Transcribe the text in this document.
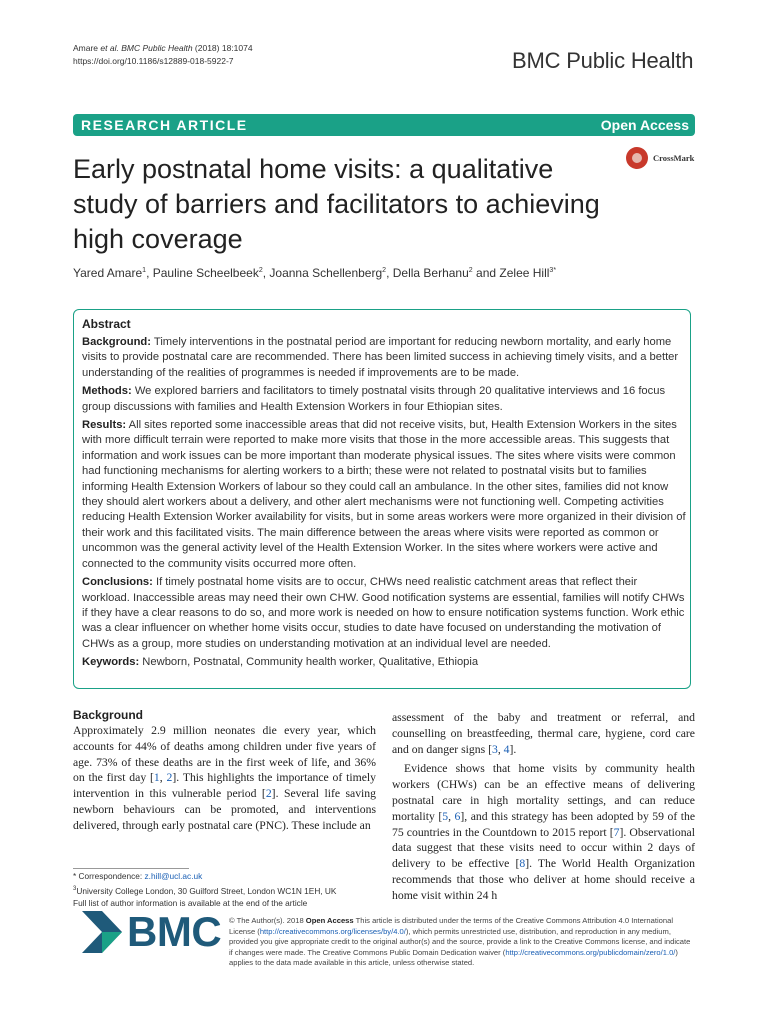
Amare et al. BMC Public Health (2018) 18:1074
https://doi.org/10.1186/s12889-018-5922-7	BMC Public Health
RESEARCH ARTICLE	Open Access
Early postnatal home visits: a qualitative study of barriers and facilitators to achieving high coverage
CrossMark
Yared Amare$^1$, Pauline Scheelbeek$^2$, Joanna Schellenberg$^2$, Della Berhanu$^2$ and Zelee Hill$^{3*}$
Abstract

Background: Timely interventions in the postnatal period are important for reducing newborn mortality, and early home visits to provide postnatal care are recommended. There has been limited success in achieving timely visits, and a better understanding of the realities of programmes is needed if improvements are to be made.

Methods: We explored barriers and facilitators to timely postnatal visits through 20 qualitative interviews and 16 focus group discussions with families and Health Extension Workers in four Ethiopian sites.

Results: All sites reported some inaccessible areas that did not receive visits, but, Health Extension Workers in the sites with more difficult terrain were reported to make more visits that those in the more accessible areas. This suggests that information and work issues can be more important than moderate physical issues. The sites where visits were common had functioning mechanisms for alerting workers to a birth; these were not related to postnatal visits but to families informing Health Extension Workers of labour so they could call an ambulance. In the other sites, families did not know they should alert workers about a delivery, and other alert mechanisms were not functioning well. Competing activities reducing Health Extension Worker availability for visits, but in some areas workers were more organized in their division of their work and this facilitated visits. The main difference between the areas where visits were reported as common or uncommon was the general activity level of the Health Extension Worker. In the sites where workers were active and connected to the community visits occurred more often.

Conclusions: If timely postnatal home visits are to occur, CHWs need realistic catchment areas that reflect their workload. Inaccessible areas may need their own CHW. Good notification systems are essential, families will notify CHWs if they have a clear reasons to do so, and more work is needed on how to ensure notification systems function. Work ethic was a clear influencer on whether home visits occur, studies to date have focused on understanding the motivation of CHWs as a group, more studies on understanding motivation at an individual level are needed.

Keywords: Newborn, Postnatal, Community health worker, Qualitative, Ethiopia

Background

Approximately 2.9 million neonates die every year, which accounts for 44% of deaths among children under five years of age. 73% of these deaths are in the first week of life, and 36% on the first day [1, 2]. This highlights the importance of timely intervention in this vulnerable period [2]. Several life saving newborn behaviours can be promoted, and interventions delivered, through early postnatal care (PNC). These include an

assessment of the baby and treatment or referral, and counselling on breastfeeding, thermal care, hygiene, cord care and on danger signs [3, 4].

Evidence shows that home visits by community health workers (CHWs) can be an effective means of delivering postnatal care in high mortality settings, and can reduce mortality [5, 6], and this strategy has been adopted by 59 of the 75 countries in the Countdown to 2015 report [7]. Observational data suggest that these visits need to occur within 2 days of delivery to be effective [8]. The World Health Organization recommends that those who deliver at home should receive a home visit within 24 h

* Correspondence: z.hill@ucl.ac.uk
$^3$University College London, 30 Guilford Street, London WC1N 1EH, UK
Full list of author information is available at the end of the article
BMC © The Author(s). 2018 Open Access This article is distributed under the terms of the Creative Commons Attribution 4.0 International License (http://creativecommons.org/licenses/by/4.0/), which permits unrestricted use, distribution, and reproduction in any medium, provided you give appropriate credit to the original author(s) and the source, provide a link to the Creative Commons license, and indicate if changes were made. The Creative Commons Public Domain Dedication waiver (http://creativecommons.org/publicdomain/zero/1.0/) applies to the data made available in this article, unless otherwise stated.
